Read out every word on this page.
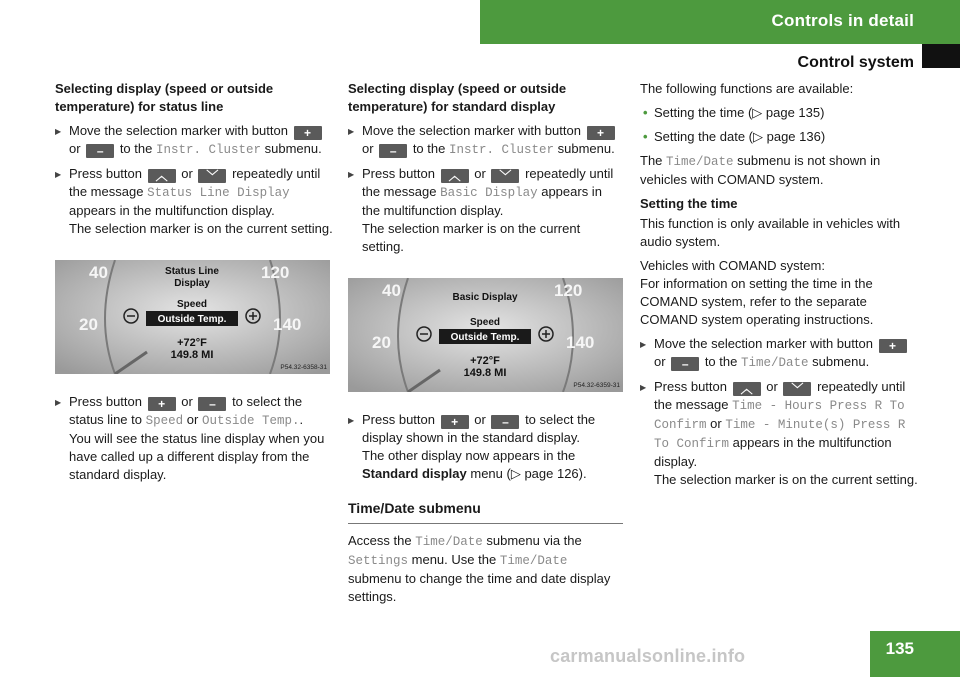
Controls in detail
Control system

Selecting display (speed or outside temperature) for status line

▶ Move the selection marker with button + or – to the Instr. Cluster submenu.
▶ Press button ︿ or ﹀ repeatedly until the message Status Line Display appears in the multifunction display.
The selection marker is on the current setting.
40
20
120
140
Status Line
Display
Speed
Outside Temp.
+72°F
149.8 MI
P54.32-6358-31
▶ Press button + or – to select the status line to Speed or Outside Temp..
You will see the status line display when you have called up a different display from the standard display.

Selecting display (speed or outside temperature) for standard display

▶ Move the selection marker with button + or – to the Instr. Cluster submenu.
▶ Press button ︿ or ﹀ repeatedly until the message Basic Display appears in the multifunction display.
The selection marker is on the current setting.
40
20
120
140
Basic Display
Speed
Outside Temp.
+72°F
149.8 MI
P54.32-6359-31
▶ Press button + or – to select the display shown in the standard display.
The other display now appears in the Standard display menu (▷ page 126).
Time/Date submenu

Access the Time/Date submenu via the Settings menu. Use the Time/Date submenu to change the time and date display settings.

The following functions are available:

• Setting the time (▷ page 135)
• Setting the date (▷ page 136)

The Time/Date submenu is not shown in vehicles with COMAND system.

Setting the time

This function is only available in vehicles with audio system.

Vehicles with COMAND system:
For information on setting the time in the COMAND system, refer to the separate COMAND system operating instructions.

▶ Move the selection marker with button + or – to the Time/Date submenu.
▶ Press button ︿ or ﹀ repeatedly until the message Time - Hours Press R To Confirm or Time - Minute(s) Press R To Confirm appears in the multifunction display.
The selection marker is on the current setting.
135
carmanualsonline.info
